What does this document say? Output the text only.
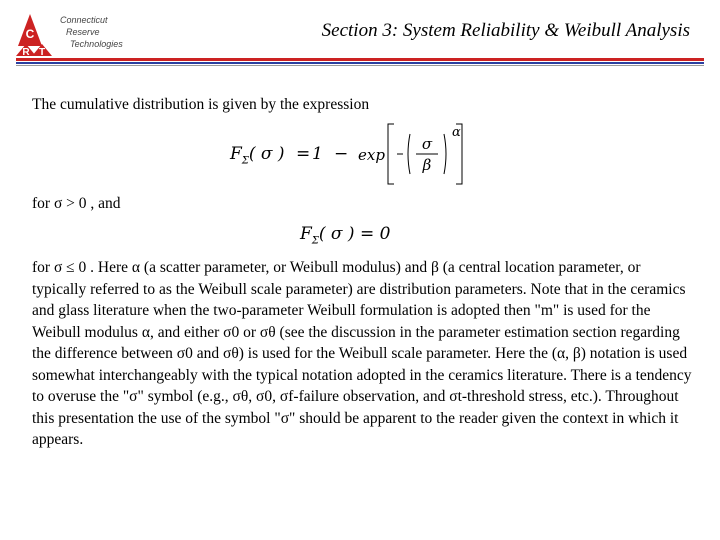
C
R T
Connecticut
Reserve
Technologies
Section 3: System Reliability & Weibull Analysis
The cumulative distribution is given by the expression
$F_\Sigma$( σ ) = 1 − exp
σ
β
α
for σ > 0 , and
$F_\Sigma$( σ ) = 0
for σ ≤ 0 . Here α (a scatter parameter, or Weibull modulus) and β (a central location parameter, or typically referred to as the Weibull scale parameter) are distribution parameters. Note that in the ceramics and glass literature when the two-parameter Weibull formulation is adopted then "m" is used for the Weibull modulus α, and either σ0 or σθ (see the discussion in the parameter estimation section regarding the difference between σ0 and σθ) is used for the Weibull scale parameter. Here the (α, β) notation is used somewhat interchangeably with the typical notation adopted in the ceramics literature. There is a tendency to overuse the "σ" symbol (e.g., σθ, σ0, σf-failure observation, and σt-threshold stress, etc.). Throughout this presentation the use of the symbol "σ" should be apparent to the reader given the context in which it appears.
